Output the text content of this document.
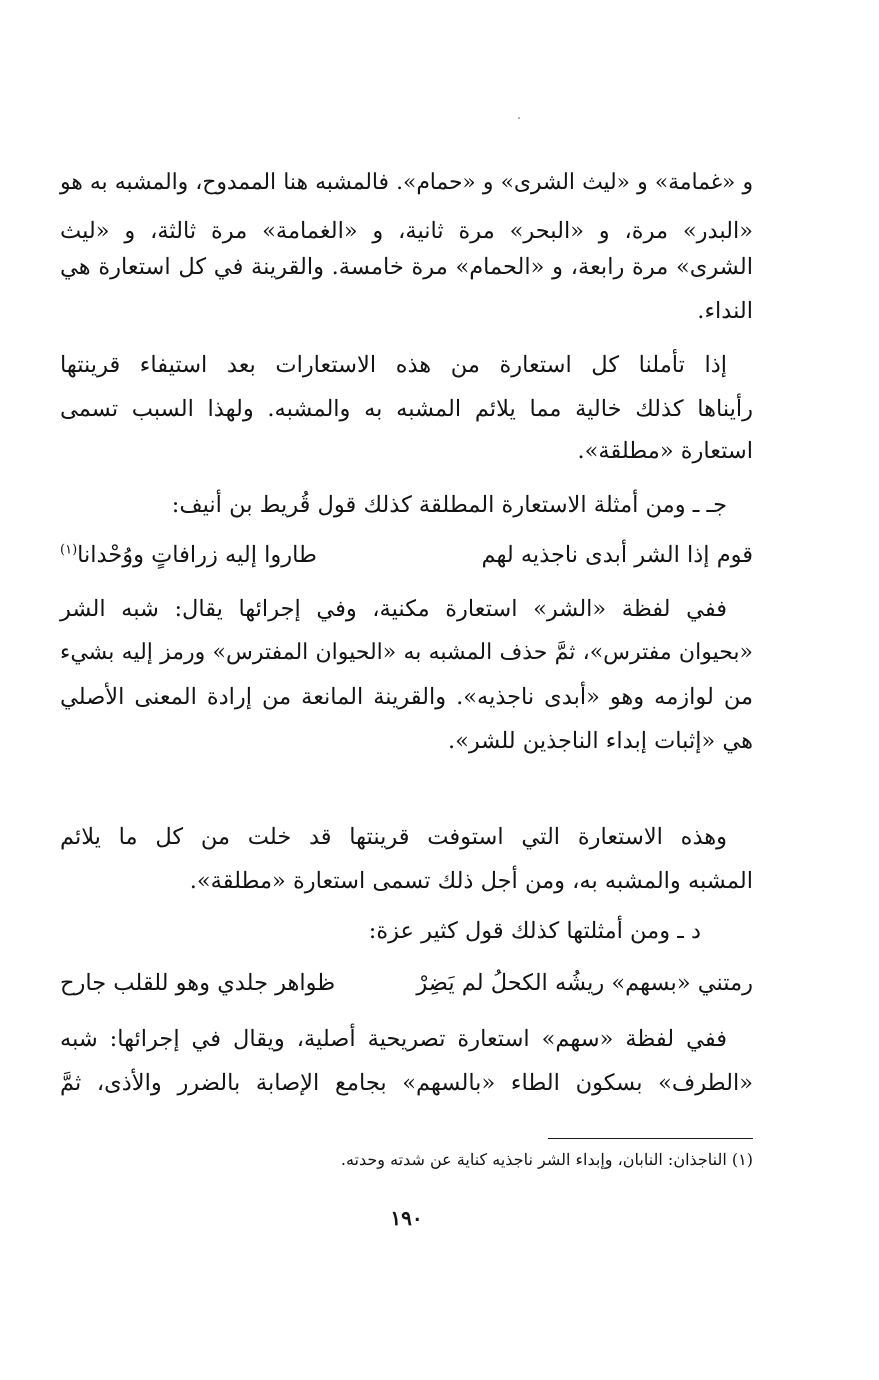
و «غمامة» و «ليث الشرى» و «حمام». فالمشبه هنا الممدوح، والمشبه به هو
«البدر» مرة، و «البحر» مرة ثانية، و «الغمامة» مرة ثالثة، و «ليث
الشرى» مرة رابعة، و «الحمام» مرة خامسة. والقرينة في كل استعارة هي
النداء.
إذا تأملنا كل استعارة من هذه الاستعارات بعد استيفاء قرينتها
رأيناها كذلك خالية مما يلائم المشبه به والمشبه. ولهذا السبب تسمى
استعارة «مطلقة».
جـ ـ ومن أمثلة الاستعارة المطلقة كذلك قول قُريط بن أنيف:
قوم إذا الشر أبدى ناجذيه لهم
طاروا إليه زرافاتٍ ووُحْدانا$^{(١)}$
ففي لفظة «الشر» استعارة مكنية، وفي إجرائها يقال: شبه الشر
«بحيوان مفترس»، ثمَّ حذف المشبه به «الحيوان المفترس» ورمز إليه بشيء
من لوازمه وهو «أبدى ناجذيه». والقرينة المانعة من إرادة المعنى الأصلي
هي «إثبات إبداء الناجذين للشر».
وهذه الاستعارة التي استوفت قرينتها قد خلت من كل ما يلائم
المشبه والمشبه به، ومن أجل ذلك تسمى استعارة «مطلقة».
د ـ ومن أمثلتها كذلك قول كثير عزة:
رمتني «بسهم» ريشُه الكحلُ لم يَضِرْ
ظواهر جلدي وهو للقلب جارح
ففي لفظة «سهم» استعارة تصريحية أصلية، ويقال في إجرائها: شبه
«الطرف» بسكون الطاء «بالسهم» بجامع الإصابة بالضرر والأذى، ثمَّ
(١) الناجذان: النابان، وإبداء الشر ناجذيه كناية عن شدته وحدته.
١٩٠
